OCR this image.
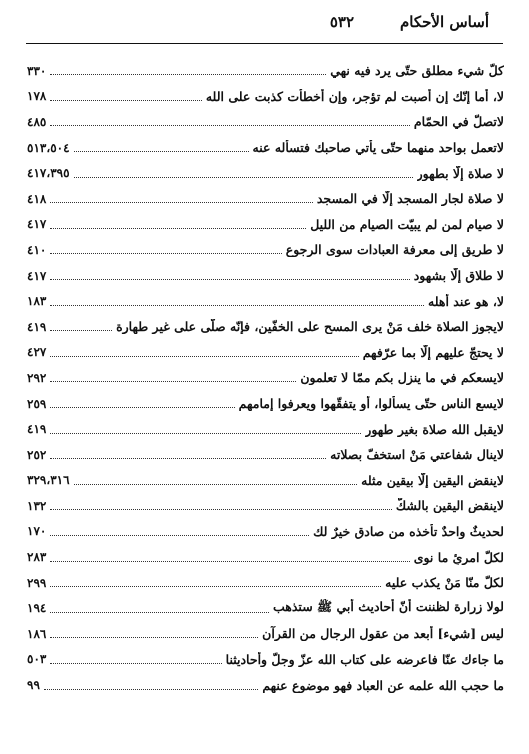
٥٣٢	أساس الأحكام
كلّ شيء مطلق حتّى يرد فيه نهي
٣٣٠
لا، أما إنّك إن أصبت لم تؤجر، وإن أخطأت كذبت على الله
١٧٨
لاتصلّ في الحمّام
٤٨٥
لاتعمل بواحد منهما حتّى يأتي صاحبك فتسأله عنه
٥١٣،٥٠٤
لا صلاة إلّا بطهور
٤١٧،٣٩٥
لا صلاة لجار المسجد إلّا في المسجد
٤١٨
لا صيام لمن لم يبيّت الصيام من الليل
٤١٧
لا طريق إلى معرفة العبادات سوى الرجوع
٤١٠
لا طلاق إلّا بشهود
٤١٧
لا، هو عند أهله
١٨٣
لايجوز الصلاة خلف مَنْ يرى المسح على الخفّين، فإنّه صلّى على غير طهارة
٤١٩
لا يحتجّ عليهم إلّا بما عرّفهم
٤٢٧
لايسعكم في ما ينزل بكم ممّا لا تعلمون
٢٩٢
لايسع الناس حتّى يسألوا، أو يتفقّهوا ويعرفوا إمامهم
٢٥٩
لايقبل الله صلاة بغير طهور
٤١٩
لاينال شفاعتي مَنْ استخفّ بصلاته
٢٥٢
لاينقض اليقين إلّا بيقين مثله
٣٢٩،٣١٦
لاينقض اليقين بالشكّ
١٣٢
لحديثٌ واحدٌ تأخذه من صادق خيرٌ لك
١٧٠
لكلّ امرئٍ ما نوى
٢٨٣
لكلّ منّا مَنْ يكذب عليه
٢٩٩
لولا زرارة لظننت أنّ أحاديث أبي ﷺ ستذهب
١٩٤
ليس [شيء] أبعد من عقول الرجال من القرآن
١٨٦
ما جاءك عنّا فاعرضه على كتاب الله عزّ وجلّ وأحاديثنا
٥٠٣
ما حجب الله علمه عن العباد فهو موضوع عنهم
٩٩
